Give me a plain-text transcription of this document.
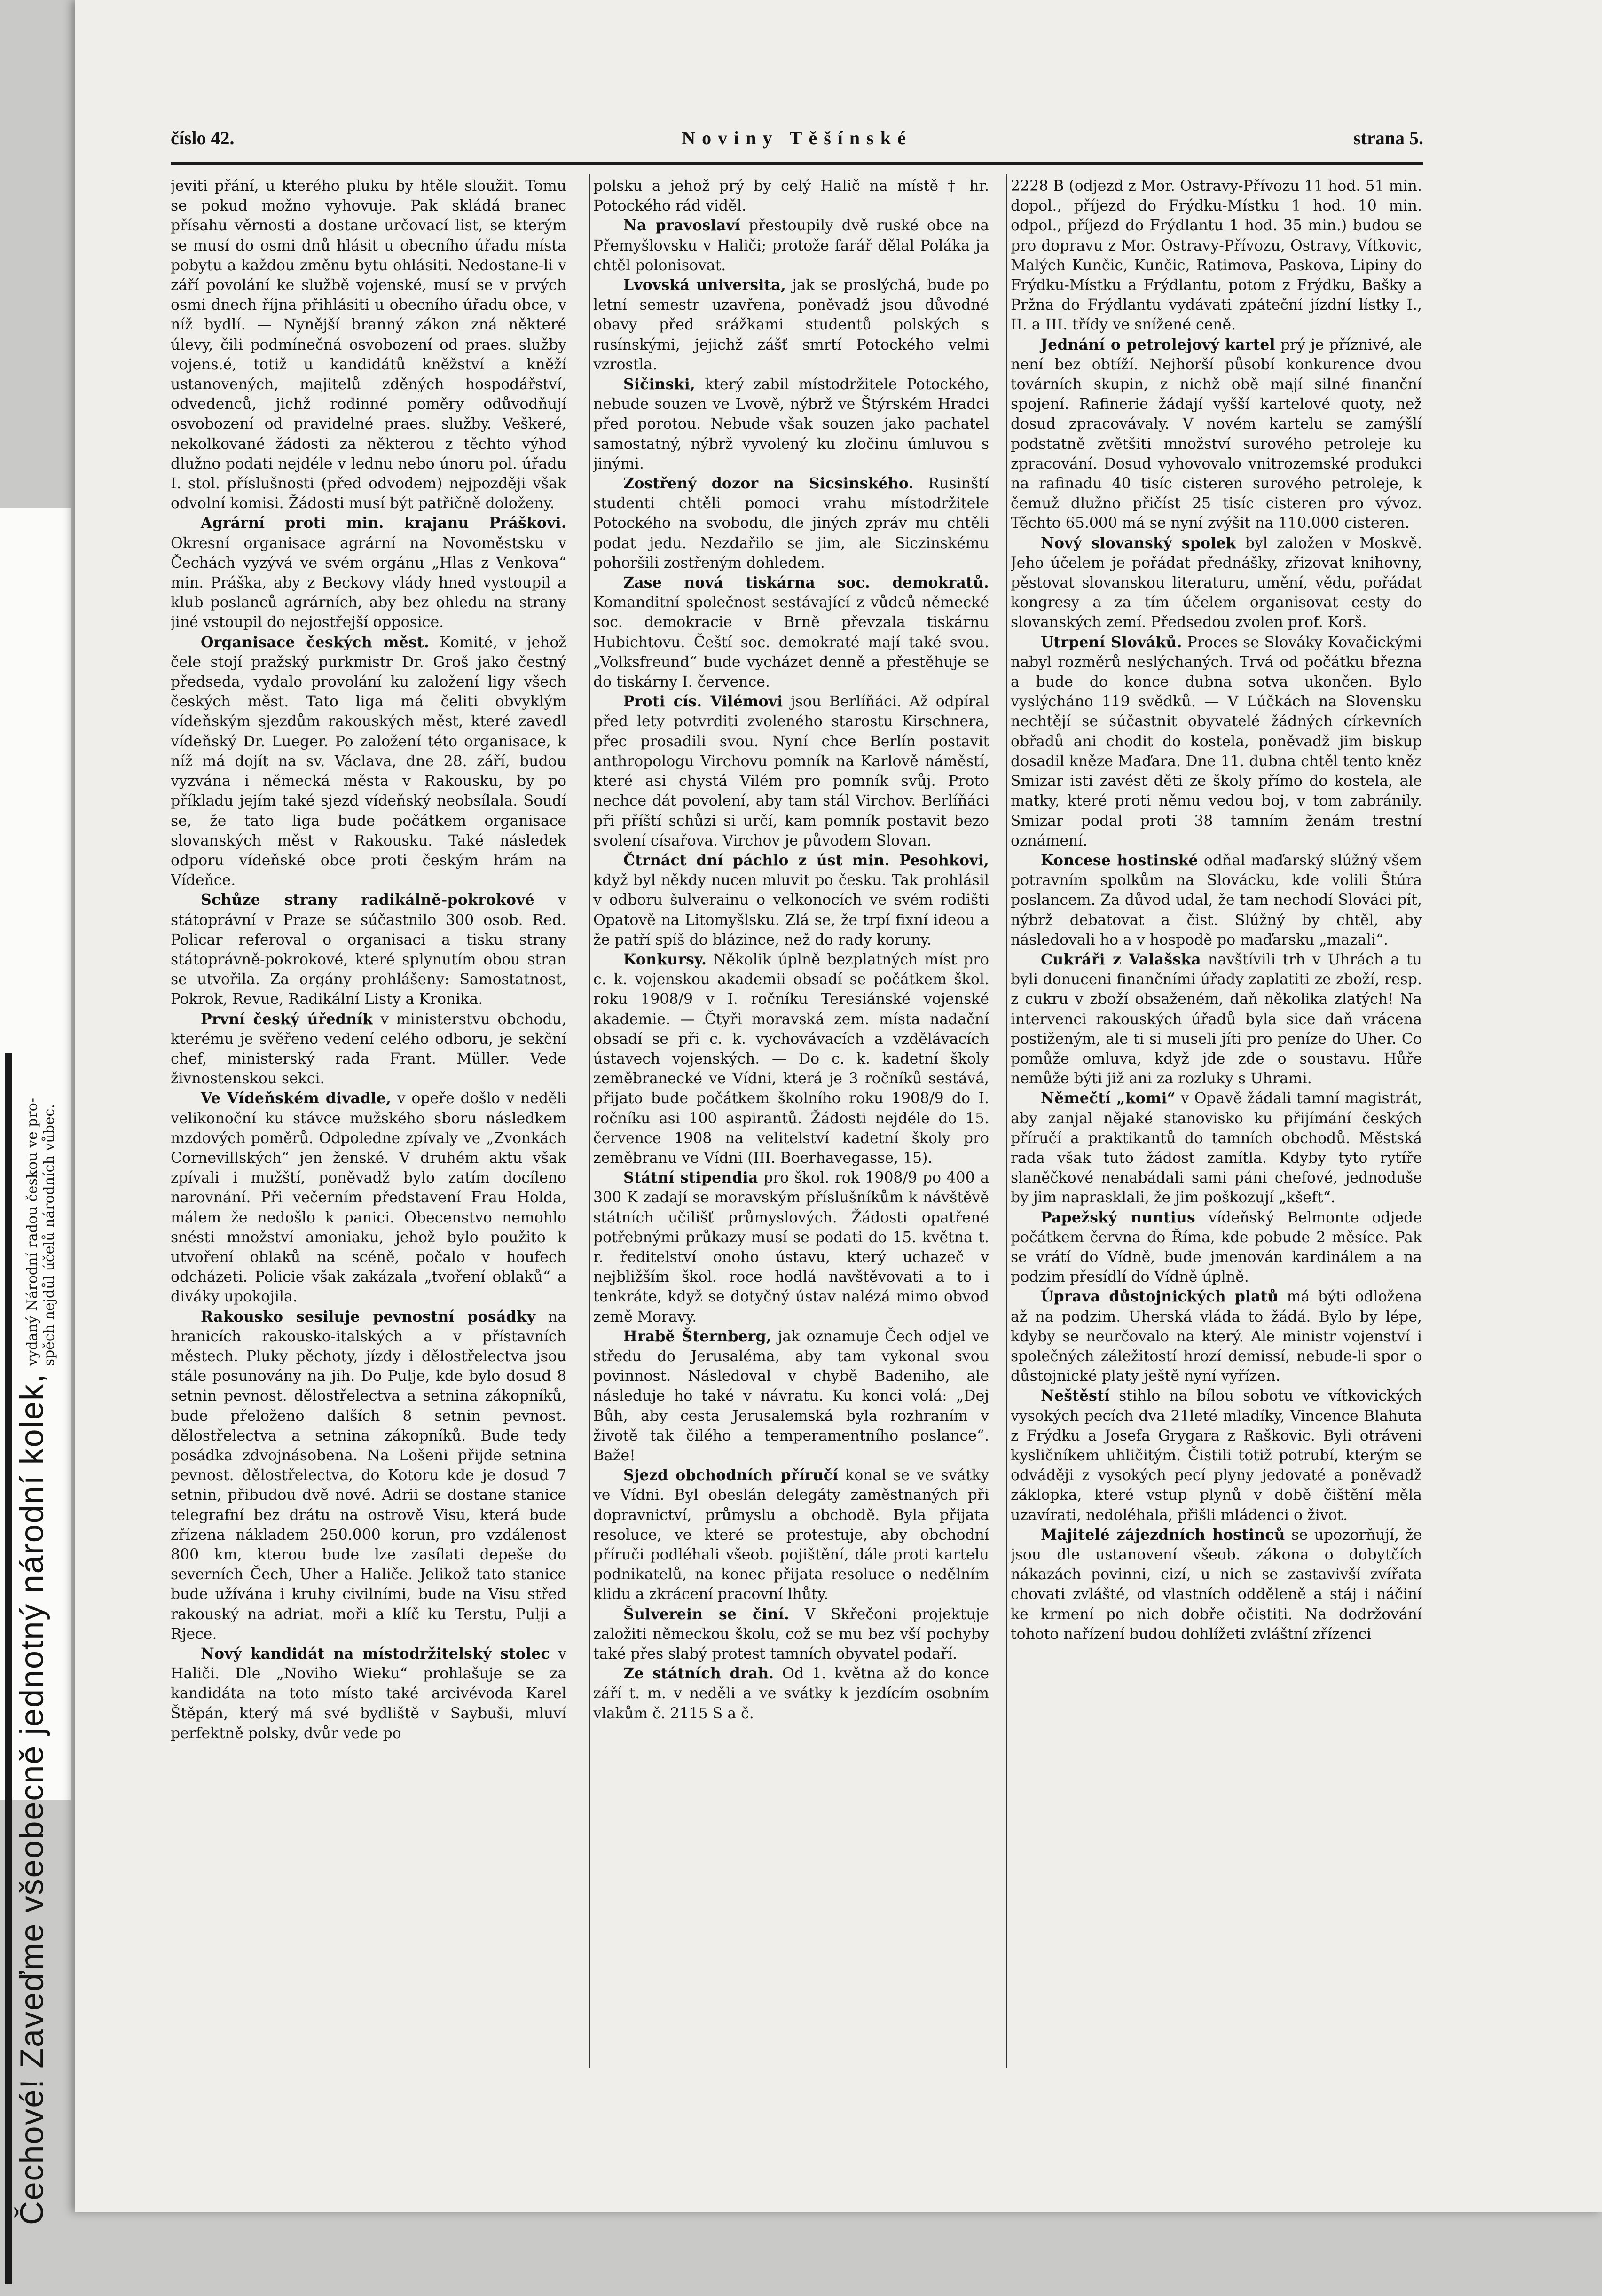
Čechové! Zaveďme všeobecně jednotný národní kolek,
vydaný Národní radou českou ve pro- spěch nejdůl účelů národních vůbec.
číslo 42.	Noviny Těšínské	strana 5.

jeviti přání, u kterého pluku by htěle sloužit. Tomu se pokud možno vyhovuje. Pak skládá branec přísahu věrnosti a dostane určovací list, se kterým se musí do osmi dnů hlásit u obecního úřadu místa pobytu a každou změnu bytu ohlásiti. Nedostane-li v září povolání ke službě vojenské, musí se v prvých osmi dnech října přihlásiti u obecního úřadu obce, v níž bydlí. — Nynější branný zákon zná některé úlevy, čili podmínečná osvobození od praes. služby vojens.é, totiž u kandidátů kněžství a kněží ustanovených, majitelů zděných hospodářství, odvedenců, jichž rodinné poměry odůvodňují osvobození od pravidelné praes. služby. Veškeré, nekolkované žádosti za některou z těchto výhod dlužno podati nejdéle v lednu nebo únoru pol. úřadu I. stol. příslušnosti (před odvodem) nejpozději však odvolní komisi. Žádosti musí být patřičně doloženy.

Agrární proti min. krajanu Práškovi. Okresní organisace agrární na Novoměstsku v Čechách vyzývá ve svém orgánu „Hlas z Venkova“ min. Práška, aby z Beckovy vlády hned vystoupil a klub poslanců agrárních, aby bez ohledu na strany jiné vstoupil do nejostřejší opposice.

Organisace českých měst. Komité, v jehož čele stojí pražský purkmistr Dr. Groš jako čestný předseda, vydalo provolání ku založení ligy všech českých měst. Tato liga má čeliti obvyklým vídeňským sjezdům rakouských měst, které zavedl vídeňský Dr. Lueger. Po založení této organisace, k níž má dojít na sv. Václava, dne 28. září, budou vyzvána i německá města v Rakousku, by po příkladu jejím také sjezd vídeňský neobsílala. Soudí se, že tato liga bude počátkem organisace slovanských měst v Rakousku. Také následek odporu vídeňské obce proti českým hrám na Vídeňce.

Schůze strany radikálně-pokrokové v státoprávní v Praze se súčastnilo 300 osob. Red. Policar referoval o organisaci a tisku strany státoprávně-pokrokové, které splynutím obou stran se utvořila. Za orgány prohlášeny: Samostatnost, Pokrok, Revue, Radikální Listy a Kronika.

První český úředník v ministerstvu obchodu, kterému je svěřeno vedení celého odboru, je sekční chef, ministerský rada Frant. Müller. Vede živnostenskou sekci.

Ve Vídeňském divadle, v opeře došlo v neděli velikonoční ku stávce mužského sboru následkem mzdových poměrů. Odpoledne zpívaly ve „Zvonkách Cornevillských“ jen ženské. V druhém aktu však zpívali i mužští, poněvadž bylo zatím docíleno narovnání. Při večerním představení Frau Holda, málem že nedošlo k panici. Obecenstvo nemohlo snésti množství amoniaku, jehož bylo použito k utvoření oblaků na scéně, počalo v houfech odcházeti. Policie však zakázala „tvoření oblaků“ a diváky upokojila.

Rakousko sesiluje pevnostní posádky na hranicích rakousko-italských a v přístavních městech. Pluky pěchoty, jízdy i dělostřelectva jsou stále posunovány na jih. Do Pulje, kde bylo dosud 8 setnin pevnost. dělostřelectva a setnina zákopníků, bude přeloženo dalších 8 setnin pevnost. dělostřelectva a setnina zákopníků. Bude tedy posádka zdvojnásobena. Na Lošeni přijde setnina pevnost. dělostřelectva, do Kotoru kde je dosud 7 setnin, přibudou dvě nové. Adrii se dostane stanice telegrafní bez drátu na ostrově Visu, která bude zřízena nákladem 250.000 korun, pro vzdálenost 800 km, kterou bude lze zasílati depeše do severních Čech, Uher a Haliče. Jelikož tato stanice bude užívána i kruhy civilními, bude na Visu střed rakouský na adriat. moři a klíč ku Terstu, Pulji a Rjece.

Nový kandidát na místodržitelský stolec v Haliči. Dle „Noviho Wieku“ prohlašuje se za kandidáta na toto místo také arcivévoda Karel Štěpán, který má své bydliště v Saybuši, mluví perfektně polsky, dvůr vede po

polsku a jehož prý by celý Halič na místě † hr. Potockého rád viděl.

Na pravoslaví přestoupily dvě ruské obce na Přemyšlovsku v Haliči; protože farář dělal Poláka ja chtěl polonisovat.

Lvovská universita, jak se proslýchá, bude po letní semestr uzavřena, poněvadž jsou důvodné obavy před srážkami studentů polských s rusínskými, jejichž zášť smrtí Potockého velmi vzrostla.

Sičinski, který zabil místodržitele Potockého, nebude souzen ve Lvově, nýbrž ve Štýrském Hradci před porotou. Nebude však souzen jako pachatel samostatný, nýbrž vyvolený ku zločinu úmluvou s jinými.

Zostřený dozor na Sicsinského. Rusinští studenti chtěli pomoci vrahu místodržitele Potockého na svobodu, dle jiných zpráv mu chtěli podat jedu. Nezdařilo se jim, ale Siczinskému pohoršili zostřeným dohledem.

Zase nová tiskárna soc. demokratů. Komanditní společnost sestávající z vůdců německé soc. demokracie v Brně převzala tiskárnu Hubichtovu. Čeští soc. demokraté mají také svou. „Volksfreund“ bude vycházet denně a přestěhuje se do tiskárny I. července.

Proti cís. Vilémovi jsou Berlíňáci. Až odpíral před lety potvrditi zvoleného starostu Kirschnera, přec prosadili svou. Nyní chce Berlín postavit anthropologu Virchovu pomník na Karlově náměstí, které asi chystá Vilém pro pomník svůj. Proto nechce dát povolení, aby tam stál Virchov. Berlíňáci při příští schůzi si určí, kam pomník postavit bezo svolení císařova. Virchov je původem Slovan.

Čtrnáct dní páchlo z úst min. Pesohkovi, když byl někdy nucen mluvit po česku. Tak prohlásil v odboru šulverainu o velkonocích ve svém rodišti Opatově na Litomyšlsku. Zlá se, že trpí fixní ideou a že patří spíš do blázince, než do rady koruny.

Konkursy. Několik úplně bezplatných míst pro c. k. vojenskou akademii obsadí se počátkem škol. roku 1908/9 v I. ročníku Teresiánské vojenské akademie. — Čtyři moravská zem. místa nadační obsadí se při c. k. vychovávacích a vzdělávacích ústavech vojenských. — Do c. k. kadetní školy zeměbranecké ve Vídni, která je 3 ročníků sestává, přijato bude počátkem školního roku 1908/9 do I. ročníku asi 100 aspirantů. Žádosti nejdéle do 15. července 1908 na velitelství kadetní školy pro zeměbranu ve Vídni (III. Boerhavegasse, 15).

Státní stipendia pro škol. rok 1908/9 po 400 a 300 K zadají se moravským příslušníkům k návštěvě státních učilišť průmyslových. Žádosti opatřené potřebnými průkazy musí se podati do 15. května t. r. ředitelství onoho ústavu, který uchazeč v nejbližším škol. roce hodlá navštěvovati a to i tenkráte, když se dotyčný ústav nalézá mimo obvod země Moravy.

Hrabě Šternberg, jak oznamuje Čech odjel ve středu do Jerusaléma, aby tam vykonal svou povinnost. Následoval v chybě Badeniho, ale následuje ho také v návratu. Ku konci volá: „Dej Bůh, aby cesta Jerusalemská byla rozhraním v životě tak čilého a temperamentního poslance“. Baže!

Sjezd obchodních příručí konal se ve svátky ve Vídni. Byl obeslán delegáty zaměstnaných při dopravnictví, průmyslu a obchodě. Byla přijata resoluce, ve které se protestuje, aby obchodní příruči podléhali všeob. pojištění, dále proti kartelu podnikatelů, na konec přijata resoluce o nedělním klidu a zkrácení pracovní lhůty.

Šulverein se činí. V Skřečoni projektuje založiti německou školu, což se mu bez vší pochyby také přes slabý protest tamních obyvatel podaří.

Ze státních drah. Od 1. května až do konce září t. m. v neděli a ve svátky k jezdícím osobním vlakům č. 2115 S a č.

2228 B (odjezd z Mor. Ostravy-Přívozu 11 hod. 51 min. dopol., příjezd do Frýdku-Místku 1 hod. 10 min. odpol., příjezd do Frýdlantu 1 hod. 35 min.) budou se pro dopravu z Mor. Ostravy-Přívozu, Ostravy, Vítkovic, Malých Kunčic, Kunčic, Ratimova, Paskova, Lipiny do Frýdku-Místku a Frýdlantu, potom z Frýdku, Bašky a Pržna do Frýdlantu vydávati zpáteční jízdní lístky I., II. a III. třídy ve snížené ceně.

Jednání o petrolejový kartel prý je příznivé, ale není bez obtíží. Nejhorší působí konkurence dvou továrních skupin, z nichž obě mají silné finanční spojení. Rafinerie žádají vyšší kartelové quoty, než dosud zpracovávaly. V novém kartelu se zamýšlí podstatně zvětšiti množství surového petroleje ku zpracování. Dosud vyhovovalo vnitrozemské produkci na rafinadu 40 tisíc cisteren surového petroleje, k čemuž dlužno přičíst 25 tisíc cisteren pro vývoz. Těchto 65.000 má se nyní zvýšit na 110.000 cisteren.

Nový slovanský spolek byl založen v Moskvě. Jeho účelem je pořádat přednášky, zřizovat knihovny, pěstovat slovanskou literaturu, umění, vědu, pořádat kongresy a za tím účelem organisovat cesty do slovanských zemí. Předsedou zvolen prof. Korš.

Utrpení Slováků. Proces se Slováky Kovačickými nabyl rozměrů neslýchaných. Trvá od počátku března a bude do konce dubna sotva ukončen. Bylo vyslýcháno 119 svědků. — V Lúčkách na Slovensku nechtějí se súčastnit obyvatelé žádných církevních obřadů ani chodit do kostela, poněvadž jim biskup dosadil kněze Maďara. Dne 11. dubna chtěl tento kněz Smizar isti zavést děti ze školy přímo do kostela, ale matky, které proti němu vedou boj, v tom zabránily. Smizar podal proti 38 tamním ženám trestní oznámení.

Koncese hostinské odňal maďarský slúžný všem potravním spolkům na Slovácku, kde volili Štúra poslancem. Za důvod udal, že tam nechodí Slováci pít, nýbrž debatovat a čist. Slúžný by chtěl, aby následovali ho a v hospodě po maďarsku „mazali“.

Cukráři z Valašska navštívili trh v Uhrách a tu byli donuceni finančními úřady zaplatiti ze zboží, resp. z cukru v zboží obsaženém, daň několika zlatých! Na intervenci rakouských úřadů byla sice daň vrácena postiženým, ale ti si museli jíti pro peníze do Uher. Co pomůže omluva, když jde zde o soustavu. Hůře nemůže býti již ani za rozluky s Uhrami.

Němečtí „komi“ v Opavě žádali tamní magistrát, aby zanjal nějaké stanovisko ku přijímání českých příručí a praktikantů do tamních obchodů. Městská rada však tuto žádost zamítla. Kdyby tyto rytíře slaněčkové nenabádali sami páni chefové, jednoduše by jim naprasklali, že jim poškozují „kšeft“.

Papežský nuntius vídeňský Belmonte odjede počátkem června do Říma, kde pobude 2 měsíce. Pak se vrátí do Vídně, bude jmenován kardinálem a na podzim přesídlí do Vídně úplně.

Úprava důstojnických platů má býti odložena až na podzim. Uherská vláda to žádá. Bylo by lépe, kdyby se neurčovalo na který. Ale ministr vojenství i společných záležitostí hrozí demissí, nebude-li spor o důstojnické platy ještě nyní vyřízen.

Neštěstí stihlo na bílou sobotu ve vítkovických vysokých pecích dva 21leté mladíky, Vincence Blahuta z Frýdku a Josefa Grygara z Raškovic. Byli otráveni kysličníkem uhličitým. Čistili totiž potrubí, kterým se odváději z vysokých pecí plyny jedovaté a poněvadž záklopka, které vstup plynů v době čištění měla uzavírati, nedoléhala, přišli mládenci o život.

Majitelé zájezdních hostinců se upozorňují, že jsou dle ustanovení všeob. zákona o dobytčích nákazách povinni, cizí, u nich se zastavivší zvířata chovati zvlášté, od vlastních odděleně a stáj i náčiní ke krmení po nich dobře očistiti. Na dodržování tohoto nařízení budou dohlížeti zvláštní zřízenci
